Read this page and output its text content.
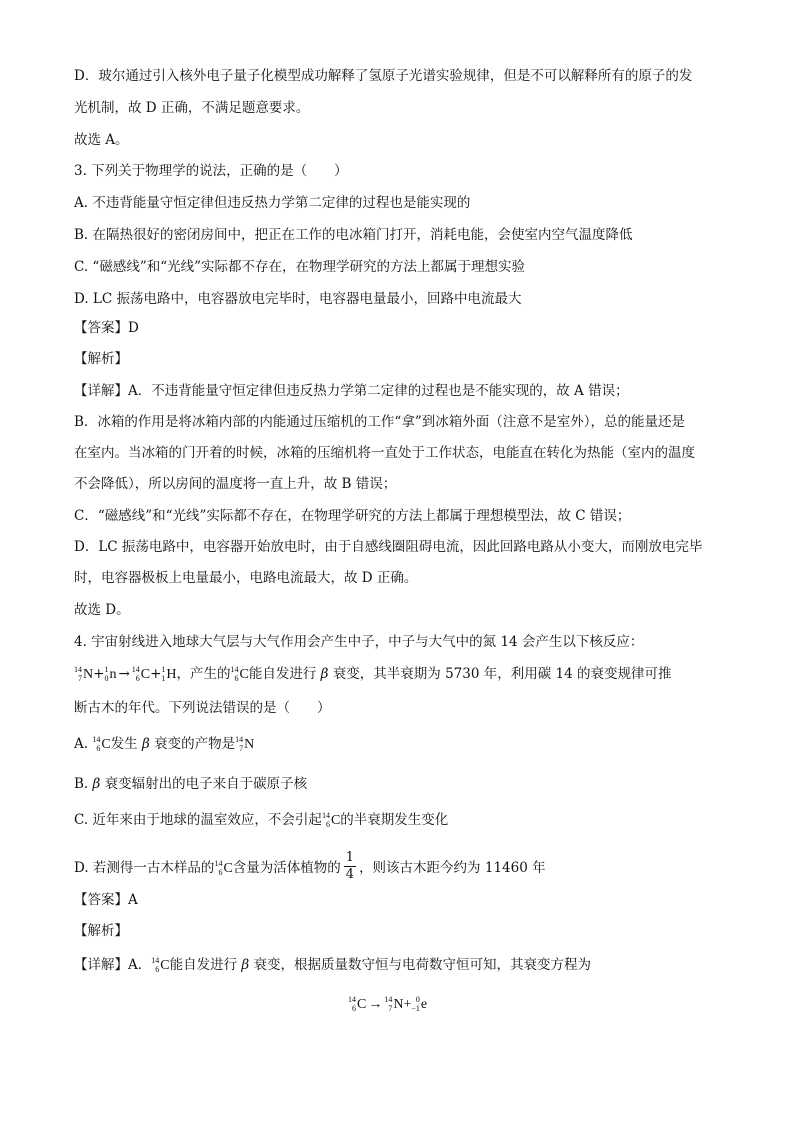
D．玻尔通过引入核外电子量子化模型成功解释了氢原子光谱实验规律，但是不可以解释所有的原子的发
光机制，故 D 正确，不满足题意要求。
故选 A。
3. 下列关于物理学的说法，正确的是（　　）
A. 不违背能量守恒定律但违反热力学第二定律的过程也是能实现的
B. 在隔热很好的密闭房间中，把正在工作的电冰箱门打开，消耗电能，会使室内空气温度降低
C. “磁感线”和“光线”实际都不存在，在物理学研究的方法上都属于理想实验
D. LC 振荡电路中，电容器放电完毕时，电容器电量最小，回路中电流最大
【答案】D
【解析】
【详解】A．不违背能量守恒定律但违反热力学第二定律的过程也是不能实现的，故 A 错误；
B．冰箱的作用是将冰箱内部的内能通过压缩机的工作“拿”到冰箱外面（注意不是室外），总的能量还是
在室内。当冰箱的门开着的时候，冰箱的压缩机将一直处于工作状态，电能直在转化为热能（室内的温度
不会降低），所以房间的温度将一直上升，故 B 错误；
C．“磁感线”和“光线”实际都不存在，在物理学研究的方法上都属于理想模型法，故 C 错误；
D．LC 振荡电路中，电容器开始放电时，由于自感线圈阻碍电流，因此回路电路从小变大，而刚放电完毕
时，电容器极板上电量最小，电路电流最大，故 D 正确。
故选 D。
4. 宇宙射线进入地球大气层与大气作用会产生中子，中子与大气中的氮 14 会产生以下核反应：
14
7 N+ 1
0 n → 14
6 C+ 1
1 H，产生的 14
6 C能自发进行 β 衰变，其半衰期为 5730 年，利用碳 14 的衰变规律可推
断古木的年代。下列说法错误的是（　　）
A. 14
6 C发生 β 衰变的产物是 14
7 N
B. β 衰变辐射出的电子来自于碳原子核
C. 近年来由于地球的温室效应，不会引起 14
6 C的半衰期发生变化
D. 若测得一古木样品的 14
6 C含量为活体植物的 $\frac{1}{4}$ ，则该古木距今约为 11460 年
【答案】A
【解析】
【详解】A． 14
6 C能自发进行 β 衰变，根据质量数守恒与电荷数守恒可知，其衰变方程为
14
6 C → 14
7 N+ 0
−1 e
